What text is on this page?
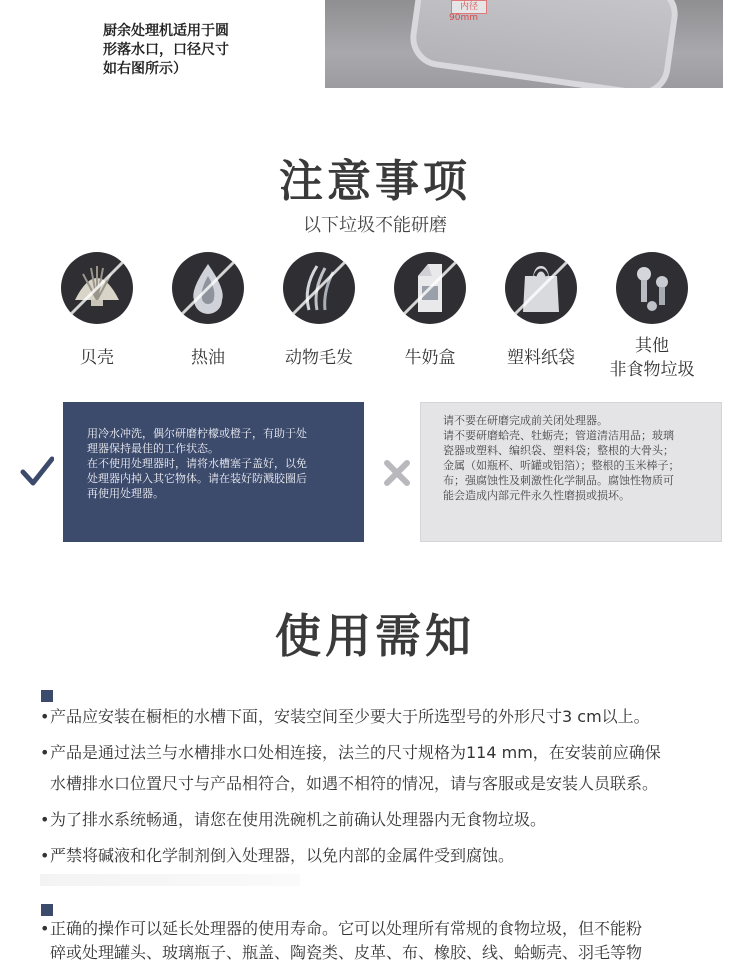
厨余处理机适用于圆
形落水口，口径尺寸
如右图所示）
内径
90mm
注意事项
以下垃圾不能研磨
贝壳	热油	动物毛发	牛奶盒	塑料纸袋
其他
非食物垃圾
用冷水冲洗，偶尔研磨柠檬或橙子，有助于处
理器保持最佳的工作状态。
在不使用处理器时，请将水槽塞子盖好，以免
处理器内掉入其它物体。请在装好防溅胶圈后
再使用处理器。
请不要在研磨完成前关闭处理器。
请不要研磨蛤壳、牡蛎壳；管道清洁用品；玻璃
瓷器或塑料、编织袋、塑料袋；整根的大骨头；
金属（如瓶杯、听罐或铝箔）；整根的玉米棒子；
布；强腐蚀性及刺激性化学制品。腐蚀性物质可
能会造成内部元件永久性磨损或损坏。
使用需知
•产品应安装在橱柜的水槽下面，安装空间至少要大于所选型号的外形尺寸3 cm以上。
•产品是通过法兰与水槽排水口处相连接，法兰的尺寸规格为114 mm，在安装前应确保
水槽排水口位置尺寸与产品相符合，如遇不相符的情况，请与客服或是安装人员联系。
•为了排水系统畅通，请您在使用洗碗机之前确认处理器内无食物垃圾。
•严禁将碱液和化学制剂倒入处理器，以免内部的金属件受到腐蚀。
•正确的操作可以延长处理器的使用寿命。它可以处理所有常规的食物垃圾，但不能粉
碎或处理罐头、玻璃瓶子、瓶盖、陶瓷类、皮革、布、橡胶、线、蛤蛎壳、羽毛等物
